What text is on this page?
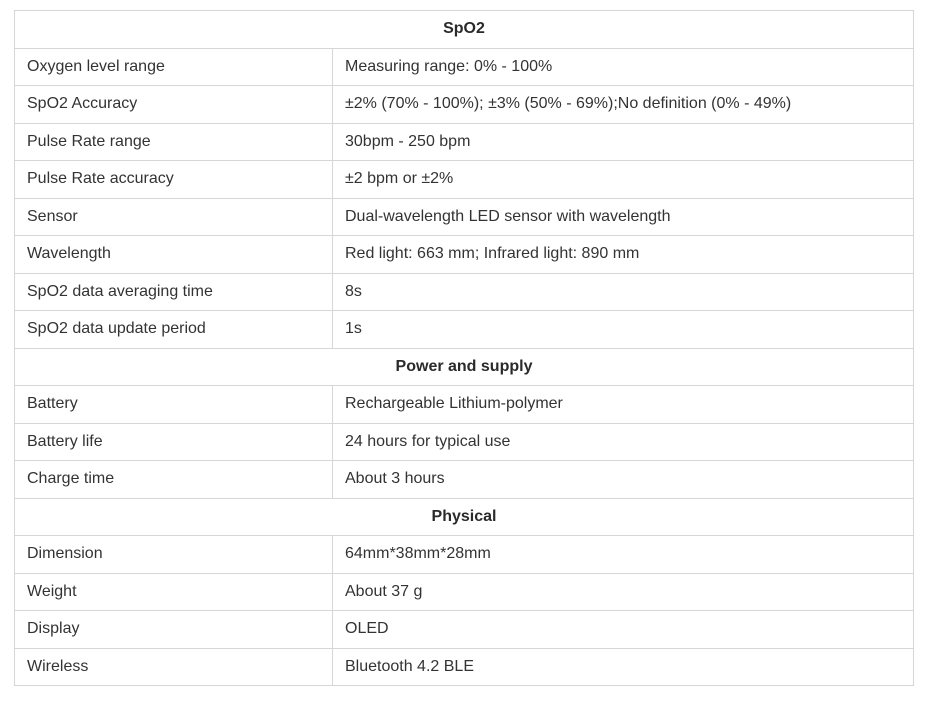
SpO2	
Oxygen level range	Measuring range: 0% - 100%
SpO2 Accuracy	±2% (70% - 100%); ±3% (50% - 69%);No definition (0% - 49%)
Pulse Rate range	30bpm - 250 bpm
Pulse Rate accuracy	±2 bpm or ±2%
Sensor	Dual-wavelength LED sensor with wavelength
Wavelength	Red light: 663 mm; Infrared light: 890 mm
SpO2 data averaging time	8s
SpO2 data update period	1s
Power and supply	
Battery	Rechargeable Lithium-polymer
Battery life	24 hours for typical use
Charge time	About 3 hours
Physical	
Dimension	64mm*38mm*28mm
Weight	About 37 g
Display	OLED
Wireless	Bluetooth 4.2 BLE
